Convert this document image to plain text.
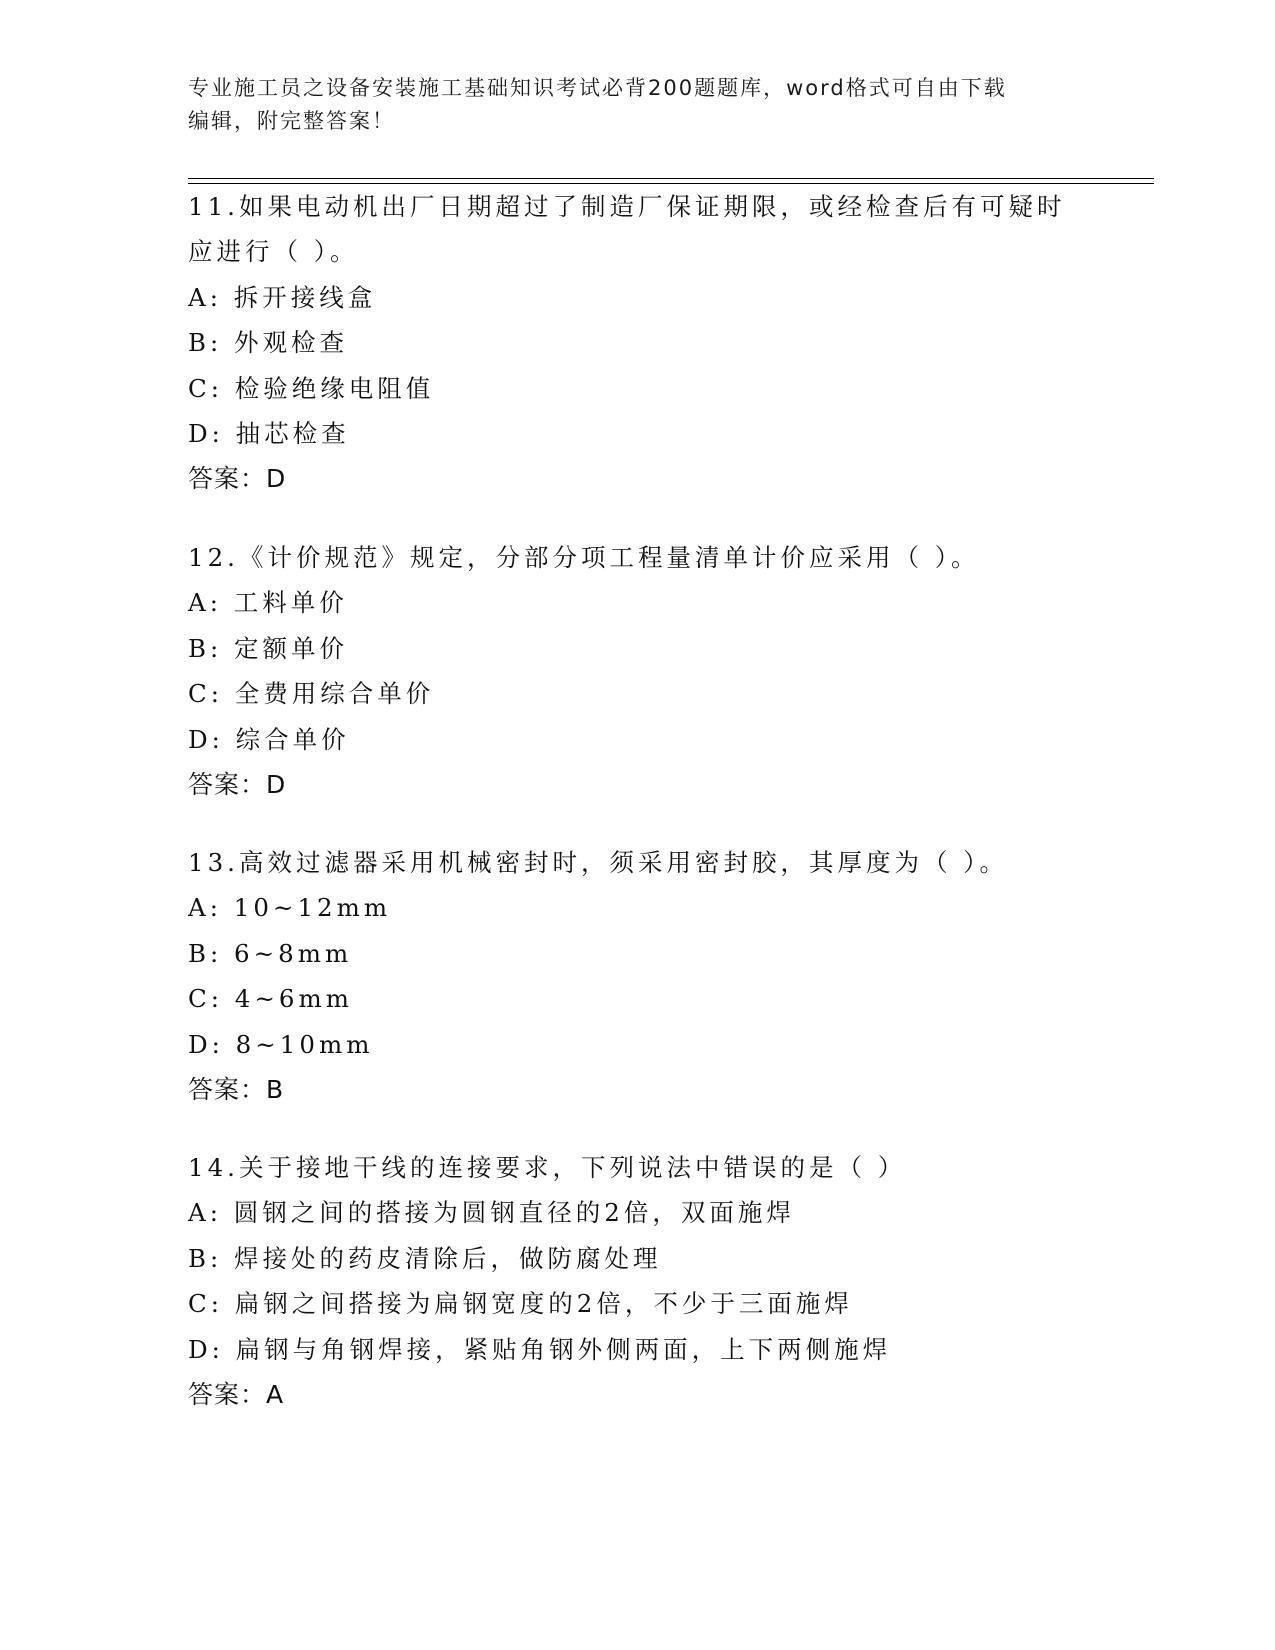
专业施工员之设备安装施工基础知识考试必背200题题库，word格式可自由下载
编辑，附完整答案！

11.如果电动机出厂日期超过了制造厂保证期限，或经检查后有可疑时

应进行（ ）。

A: 拆开接线盒

B: 外观检查

C: 检验绝缘电阻值

D: 抽芯检查

答案：D

12.《计价规范》规定，分部分项工程量清单计价应采用（ ）。

A: 工料单价

B: 定额单价

C: 全费用综合单价

D: 综合单价

答案：D

13.高效过滤器采用机械密封时，须采用密封胶，其厚度为（ ）。

A: 10~12mm

B: 6~8mm

C: 4~6mm

D: 8~10mm

答案：B

14.关于接地干线的连接要求，下列说法中错误的是（ ）

A: 圆钢之间的搭接为圆钢直径的2倍，双面施焊

B: 焊接处的药皮清除后，做防腐处理

C: 扁钢之间搭接为扁钢宽度的2倍，不少于三面施焊

D: 扁钢与角钢焊接，紧贴角钢外侧两面，上下两侧施焊

答案：A
